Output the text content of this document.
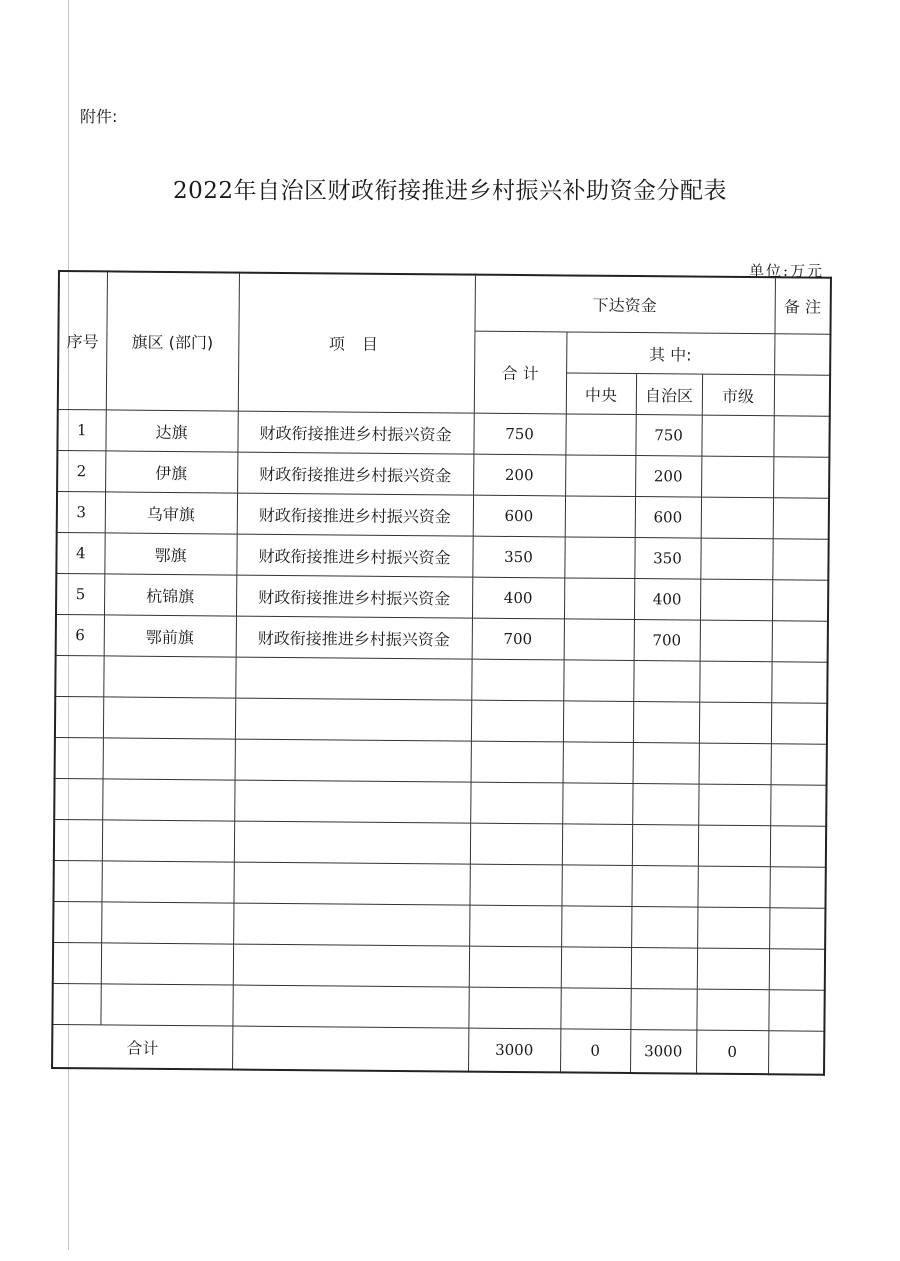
附件:
2022年自治区财政衔接推进乡村振兴补助资金分配表
单位:万元
序号	旗区 (部门)	项 目	下达资金				备 注
			合 计	其 中:			
				中央	自治区	市级	
1	达旗	财政衔接推进乡村振兴资金	750		750		
2	伊旗	财政衔接推进乡村振兴资金	200		200		
3	乌审旗	财政衔接推进乡村振兴资金	600		600		
4	鄂旗	财政衔接推进乡村振兴资金	350		350		
5	杭锦旗	财政衔接推进乡村振兴资金	400		400		
6	鄂前旗	财政衔接推进乡村振兴资金	700		700		

合计			3000	0	3000	0	
